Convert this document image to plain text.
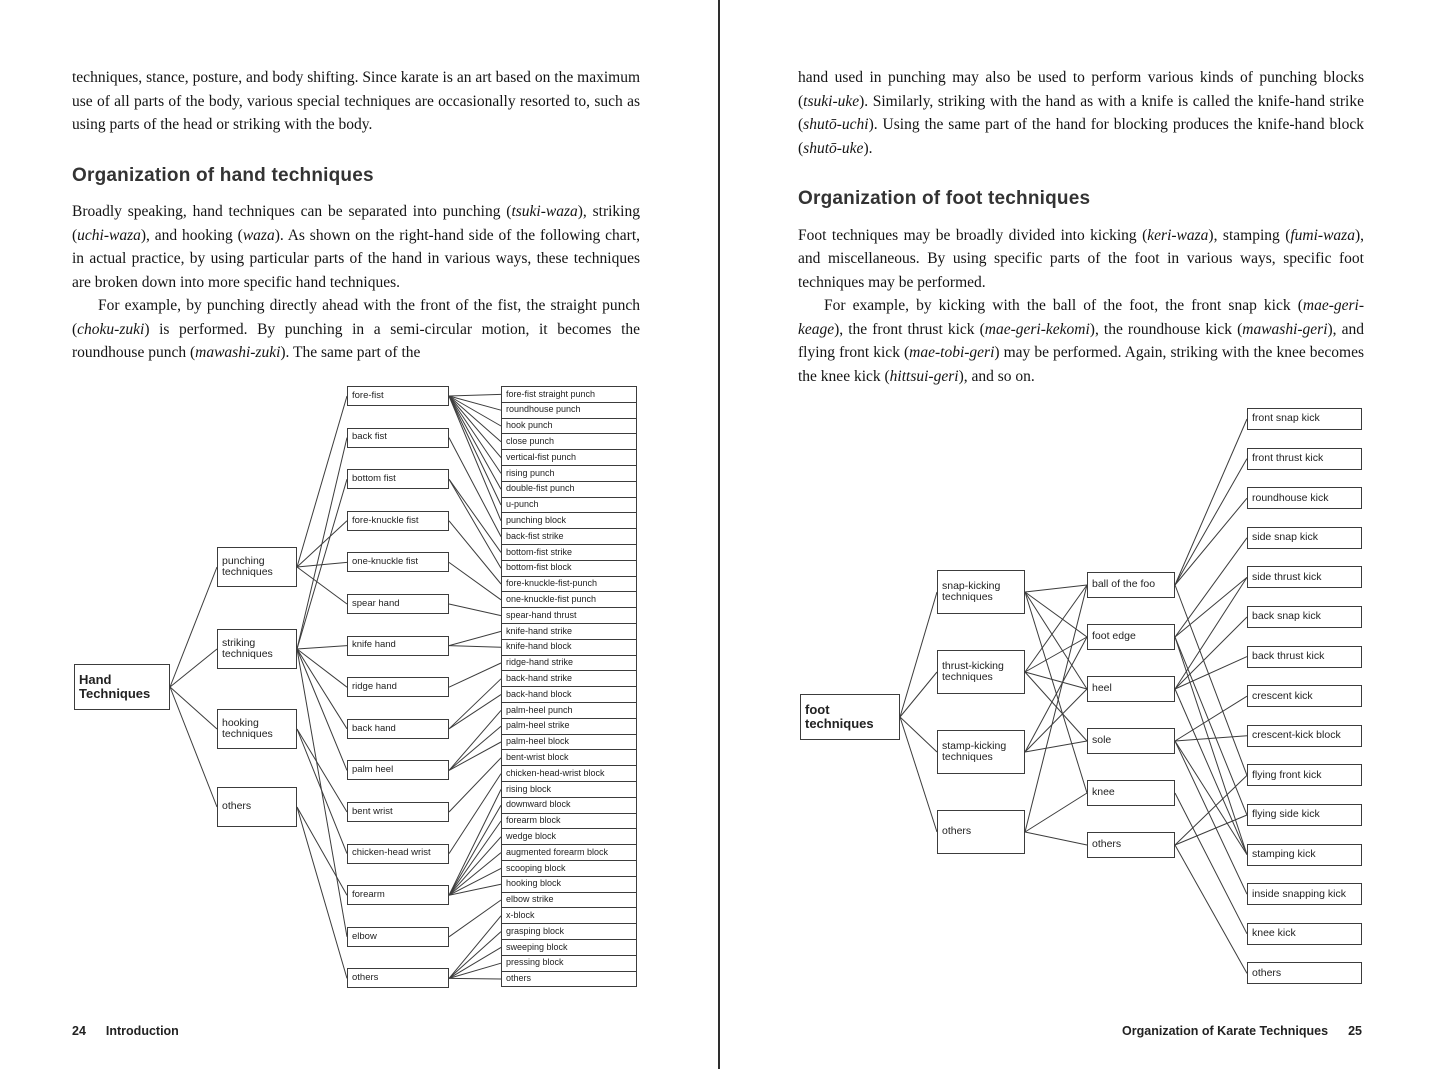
techniques, stance, posture, and body shifting. Since karate is an art based on the maximum use of all parts of the body, various special techniques are occasionally resorted to, such as using parts of the head or striking with the body.

Organization of hand techniques

Broadly speaking, hand techniques can be separated into punching (tsuki-waza), striking (uchi-waza), and hooking (waza). As shown on the right-hand side of the following chart, in actual practice, by using particular parts of the hand in various ways, these techniques are broken down into more specific hand techniques.

For example, by punching directly ahead with the front of the fist, the straight punch (choku-zuki) is performed. By punching in a semi-circular motion, it becomes the roundhouse punch (mawashi-zuki). The same part of the

hand used in punching may also be used to perform various kinds of punching blocks (tsuki-uke). Similarly, striking with the hand as with a knife is called the knife-hand strike (shutō-uchi). Using the same part of the hand for blocking produces the knife-hand block (shutō-uke).

Organization of foot techniques

Foot techniques may be broadly divided into kicking (keri-waza), stamping (fumi-waza), and miscellaneous. By using specific parts of the foot in various ways, specific foot techniques may be performed.

For example, by kicking with the ball of the foot, the front snap kick (mae-geri-keage), the front thrust kick (mae-geri-kekomi), the roundhouse kick (mawashi-geri), and flying front kick (mae-tobi-geri) may be performed. Again, striking with the knee becomes the knee kick (hittsui-geri), and so on.

24 Introduction	Organization of Karate Techniques 25
Hand Techniques
punching techniques
striking techniques
hooking techniques
others
fore-fist
back fist
bottom fist
fore-knuckle fist
one-knuckle fist
spear hand
knife hand
ridge hand
back hand
palm heel
bent wrist
chicken-head wrist
forearm
elbow
others
fore-fist straight punch
roundhouse punch
hook punch
close punch
vertical-fist punch
rising punch
double-fist punch
u-punch
punching block
back-fist strike
bottom-fist strike
bottom-fist block
fore-knuckle-fist-punch
one-knuckle-fist punch
spear-hand thrust
knife-hand strike
knife-hand block
ridge-hand strike
back-hand strike
back-hand block
palm-heel punch
palm-heel strike
palm-heel block
bent-wrist block
chicken-head-wrist block
rising block
downward block
forearm block
wedge block
augmented forearm block
scooping block
hooking block
elbow strike
x-block
grasping block
sweeping block
pressing block
others
foot techniques
snap-kicking techniques
thrust-kicking techniques
stamp-kicking techniques
others
ball of the foo
foot edge
heel
sole
knee
others
front snap kick
front thrust kick
roundhouse kick
side snap kick
side thrust kick
back snap kick
back thrust kick
crescent kick
crescent-kick block
flying front kick
flying side kick
stamping kick
inside snapping kick
knee kick
others
